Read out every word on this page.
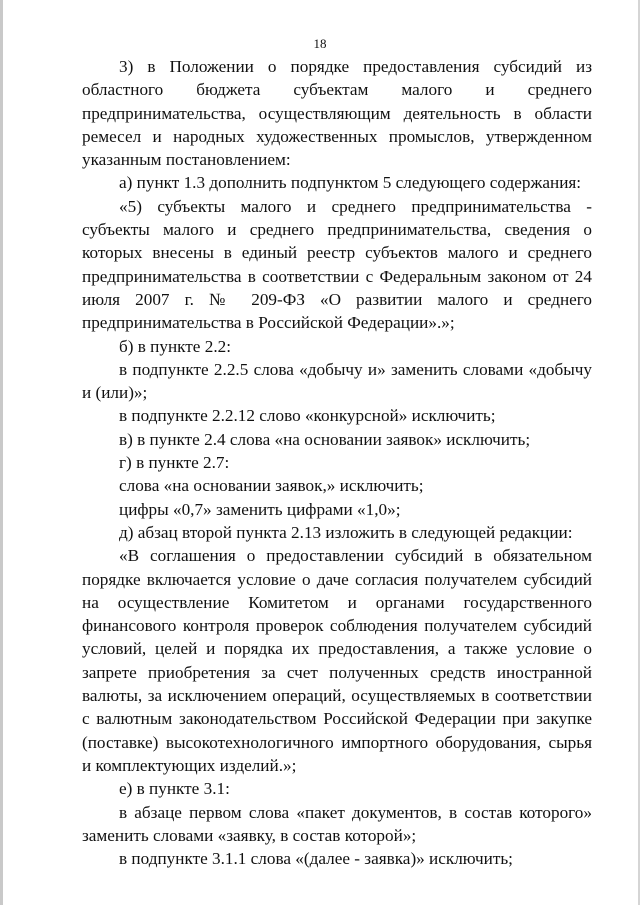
18

3) в Положении о порядке предоставления субсидий из областного бюджета субъектам малого и среднего предпринимательства, осуществляющим деятельность в области ремесел и народных художественных промыслов, утвержденном указанным постановлением:

а) пункт 1.3 дополнить подпунктом 5 следующего содержания:

«5) субъекты малого и среднего предпринимательства - субъекты малого и среднего предпринимательства, сведения о которых внесены в единый реестр субъектов малого и среднего предпринимательства в соответствии с Федеральным законом от 24 июля 2007 г. № 209-ФЗ «О развитии малого и среднего предпринимательства в Российской Федерации».»;

б) в пункте 2.2:

в подпункте 2.2.5 слова «добычу и» заменить словами «добычу и (или)»;

в подпункте 2.2.12 слово «конкурсной» исключить;

в) в пункте 2.4 слова «на основании заявок» исключить;

г) в пункте 2.7:

слова «на основании заявок,» исключить;

цифры «0,7» заменить цифрами «1,0»;

д) абзац второй пункта 2.13 изложить в следующей редакции:

«В соглашения о предоставлении субсидий в обязательном порядке включается условие о даче согласия получателем субсидий на осуществление Комитетом и органами государственного финансового контроля проверок соблюдения получателем субсидий условий, целей и порядка их предоставления, а также условие о запрете приобретения за счет полученных средств иностранной валюты, за исключением операций, осуществляемых в соответствии с валютным законодательством Российской Федерации при закупке (поставке) высокотехнологичного импортного оборудования, сырья и комплектующих изделий.»;

е) в пункте 3.1:

в абзаце первом слова «пакет документов, в состав которого» заменить словами «заявку, в состав которой»;

в подпункте 3.1.1 слова «(далее - заявка)» исключить;
